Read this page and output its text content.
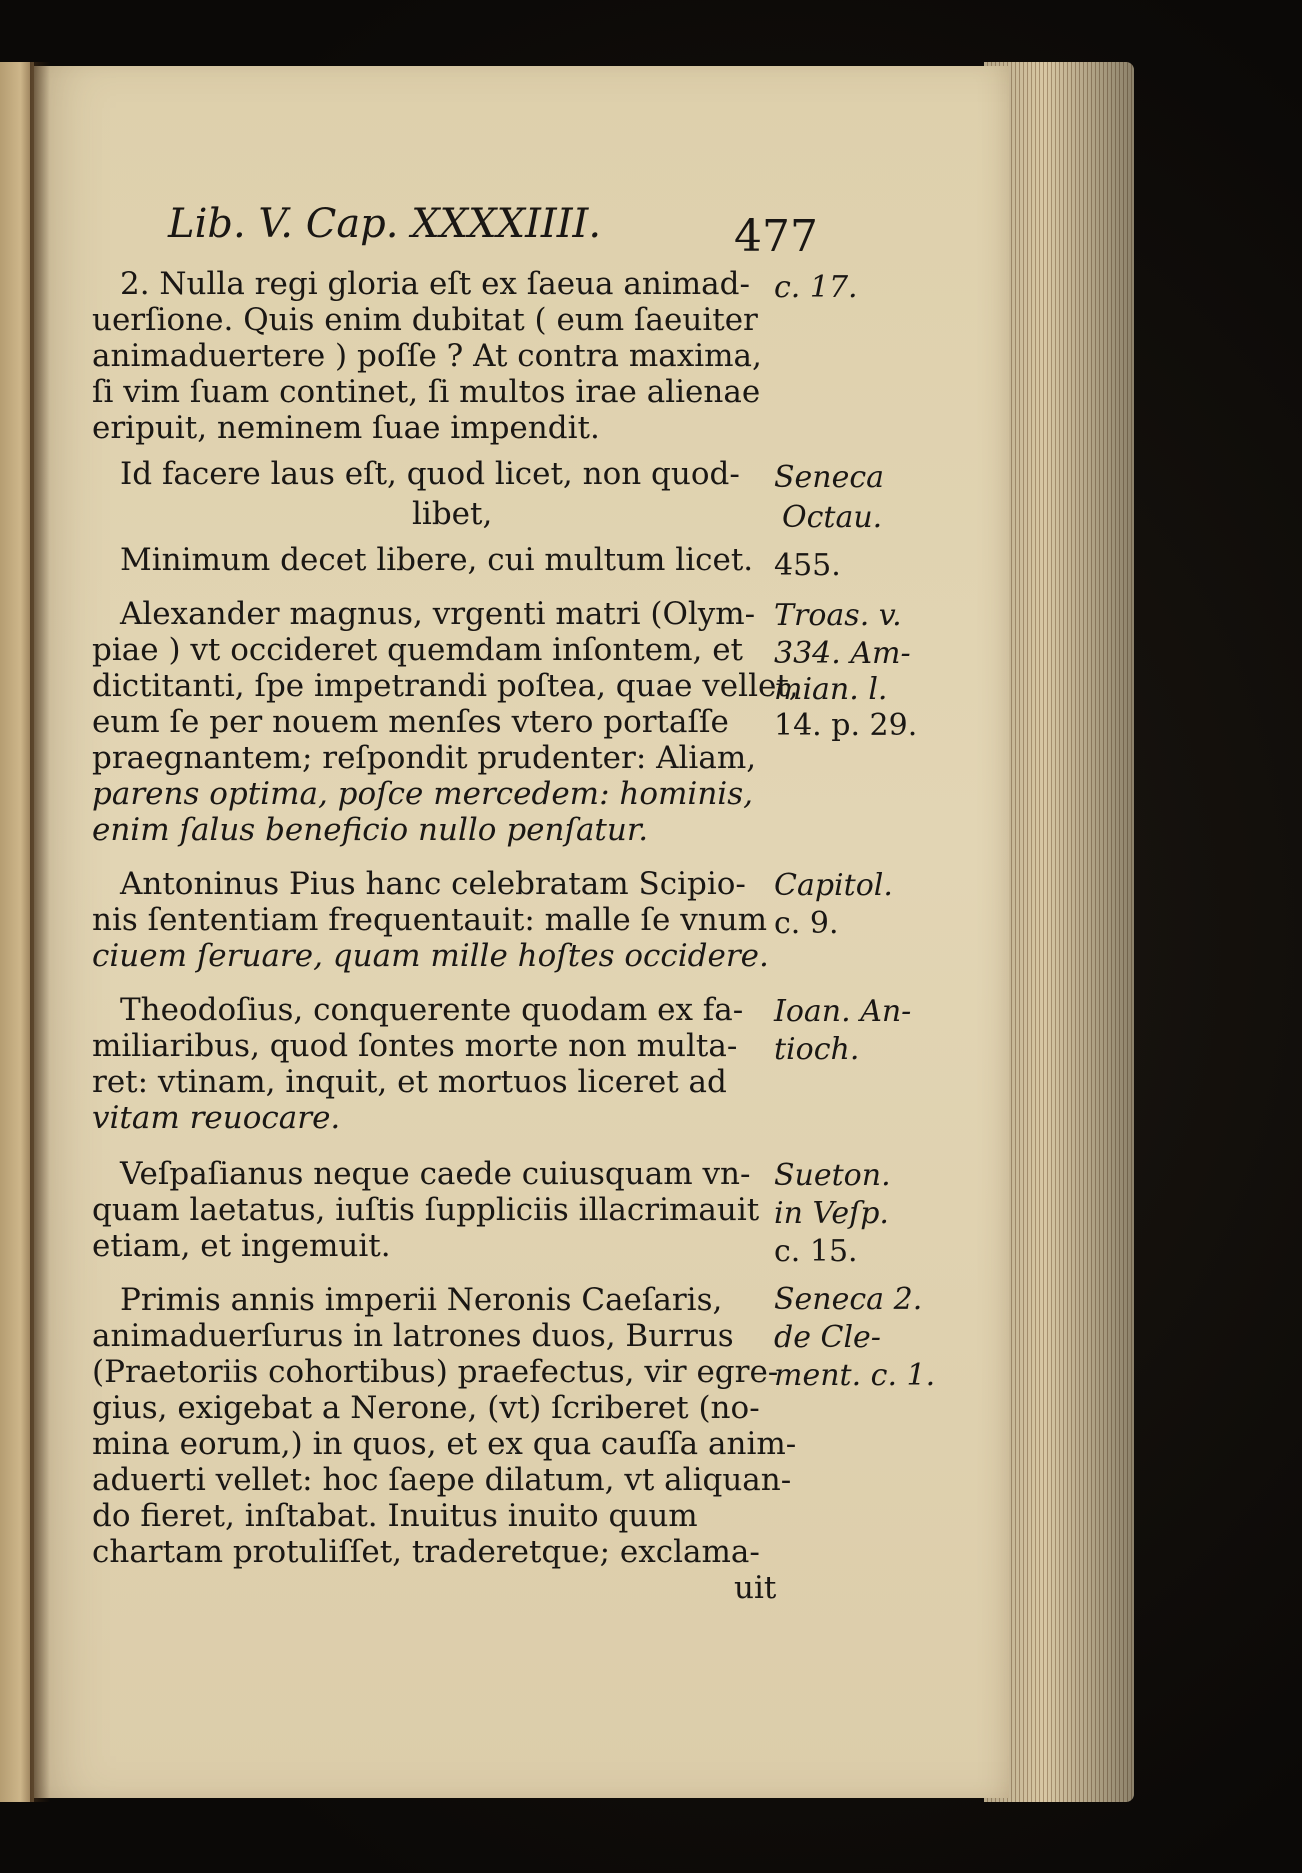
Lib. V. Cap. XXXXIIII.	477
2. Nulla regi gloria eſt ex ſaeua animad-
uerſione. Quis enim dubitat ( eum ſaeuiter
animaduertere ) poſſe ? At contra maxima,
ſi vim ſuam continet, ſi multos irae alienae
eripuit, neminem ſuae impendit.
Id facere laus eſt, quod licet, non quod-
libet,
Minimum decet libere, cui multum licet.
Alexander magnus, vrgenti matri (Olym-
piae ) vt occideret quemdam inſontem, et
dictitanti, ſpe impetrandi poſtea, quae vellet,
eum ſe per nouem menſes vtero portaſſe
praegnantem; reſpondit prudenter: Aliam,
parens optima, poſce mercedem: hominis,
enim ſalus beneficio nullo penſatur.
Antoninus Pius hanc celebratam Scipio-
nis ſententiam frequentauit: malle ſe vnum
ciuem ſeruare, quam mille hoſtes occidere.
Theodoſius, conquerente quodam ex fa-
miliaribus, quod ſontes morte non multa-
ret: vtinam, inquit, et mortuos liceret ad
vitam reuocare.
Veſpaſianus neque caede cuiusquam vn-
quam laetatus, iuſtis ſuppliciis illacrimauit
etiam, et ingemuit.
Primis annis imperii Neronis Caeſaris,
animaduerſurus in latrones duos, Burrus
(Praetoriis cohortibus) praefectus, vir egre-
gius, exigebat a Nerone, (vt) ſcriberet (no-
mina eorum,) in quos, et ex qua cauſſa anim-
aduerti vellet: hoc ſaepe dilatum, vt aliquan-
do fieret, inſtabat. Inuitus inuito quum
chartam protuliſſet, traderetque; exclama-
uit
c. 17.
Seneca
Octau.
455.
Troas. v.
334. Am-
mian. l.
14. p. 29.
Capitol.
c. 9.
Ioan. An-
tioch.
Sueton.
in Veſp.
c. 15.
Seneca 2.
de Cle-
ment. c. 1.
